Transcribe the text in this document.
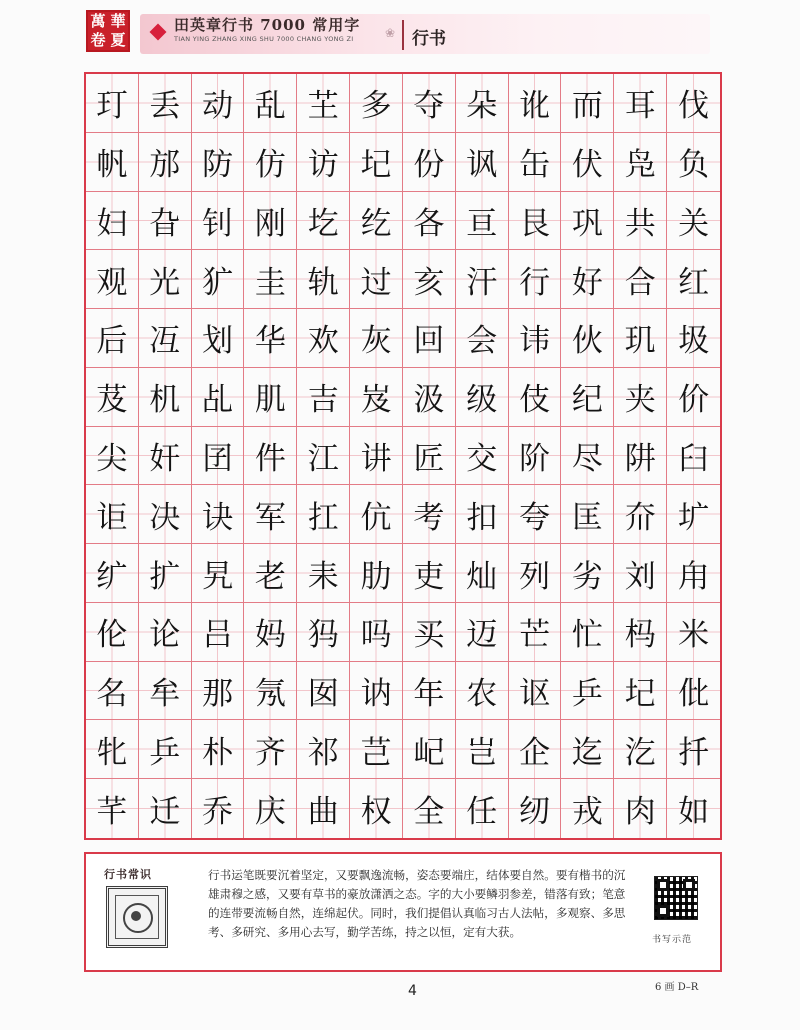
萬 華
卷 夏
田英章行书 7000 常用字
TIAN YING ZHANG XING SHU 7000 CHANG YONG ZI	❀ 行书
玎 丢 动 乱 芏 多 夺 朵 讹 而 耳 伐
帆 邡 防 仿 访 圮 份 讽 缶 伏 凫 负
妇 旮 钊 刚 圪 纥 各 亘 艮 巩 共 关
观 光 犷 圭 轨 过 亥 汗 行 好 合 红
后 冱 划 华 欢 灰 回 会 讳 伙 玑 圾
芨 机 乩 肌 吉 岌 汲 级 伎 纪 夹 价
尖 奸 囝 件 江 讲 匠 交 阶 尽 阱 臼
讵 决 诀 军 扛 伉 考 扣 夸 匡 夼 圹
纩 扩 旯 老 耒 肋 吏 灿 列 劣 刘 甪
伦 论 吕 妈 犸 吗 买 迈 芒 忙 杩 米
名 牟 那 氖 囡 讷 年 农 讴 乒 圮 仳
牝 乒 朴 齐 祁 芑 屺 岂 企 迄 汔 扦
芊 迁 乔 庆 曲 权 全 任 纫 戎 肉 如
行书常识	行书运笔既要沉着坚定，又要飘逸流畅，姿态要端庄，结体要自然。要有楷书的沉雄肃穆之感，又要有草书的豪放潇洒之态。字的大小要鳞羽参差，错落有致；笔意的连带要流畅自然，连绵起伏。同时，我们提倡认真临习古人法帖，多观察、多思考、多研究、多用心去写，勤学苦练，持之以恒，定有大获。

书写示范
4	6 画 D–R
